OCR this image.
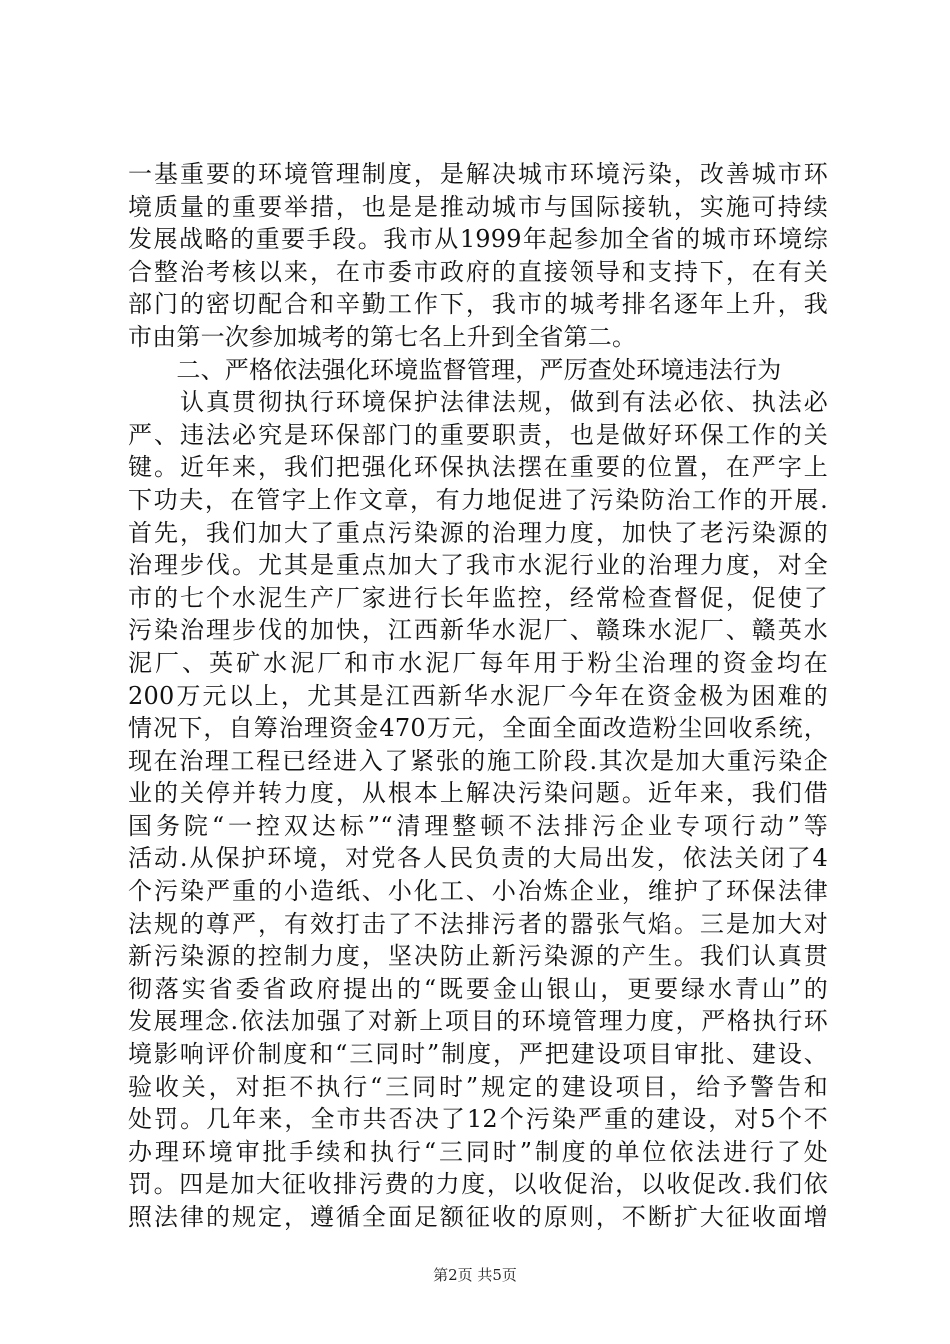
一基重要的环境管理制度，是解决城市环境污染，改善城市环
境质量的重要举措，也是是推动城市与国际接轨，实施可持续
发展战略的重要手段。我市从1999年起参加全省的城市环境综
合整治考核以来，在市委市政府的直接领导和支持下，在有关
部门的密切配合和辛勤工作下，我市的城考排名逐年上升，我
市由第一次参加城考的第七名上升到全省第二。
　　二、严格依法强化环境监督管理，严厉查处环境违法行为
　　认真贯彻执行环境保护法律法规，做到有法必依、执法必
严、违法必究是环保部门的重要职责，也是做好环保工作的关
键。近年来，我们把强化环保执法摆在重要的位置，在严字上
下功夫，在管字上作文章，有力地促进了污染防治工作的开展.
首先，我们加大了重点污染源的治理力度，加快了老污染源的
治理步伐。尤其是重点加大了我市水泥行业的治理力度，对全
市的七个水泥生产厂家进行长年监控，经常检查督促，促使了
污染治理步伐的加快，江西新华水泥厂、赣珠水泥厂、赣英水
泥厂、英矿水泥厂和市水泥厂每年用于粉尘治理的资金均在
200万元以上，尤其是江西新华水泥厂今年在资金极为困难的
情况下，自筹治理资金470万元，全面全面改造粉尘回收系统，
现在治理工程已经进入了紧张的施工阶段.其次是加大重污染企
业的关停并转力度，从根本上解决污染问题。近年来，我们借
国务院“一控双达标”“清理整顿不法排污企业专项行动”等
活动.从保护环境，对党各人民负责的大局出发，依法关闭了4
个污染严重的小造纸、小化工、小冶炼企业，维护了环保法律
法规的尊严，有效打击了不法排污者的嚣张气焰。三是加大对
新污染源的控制力度，坚决防止新污染源的产生。我们认真贯
彻落实省委省政府提出的“既要金山银山，更要绿水青山”的
发展理念.依法加强了对新上项目的环境管理力度，严格执行环
境影响评价制度和“三同时”制度，严把建设项目审批、建设、
验收关，对拒不执行“三同时”规定的建设项目，给予警告和
处罚。几年来，全市共否决了12个污染严重的建设，对5个不
办理环境审批手续和执行“三同时”制度的单位依法进行了处
罚。四是加大征收排污费的力度，以收促治，以收促改.我们依
照法律的规定，遵循全面足额征收的原则，不断扩大征收面增
第2页 共5页
